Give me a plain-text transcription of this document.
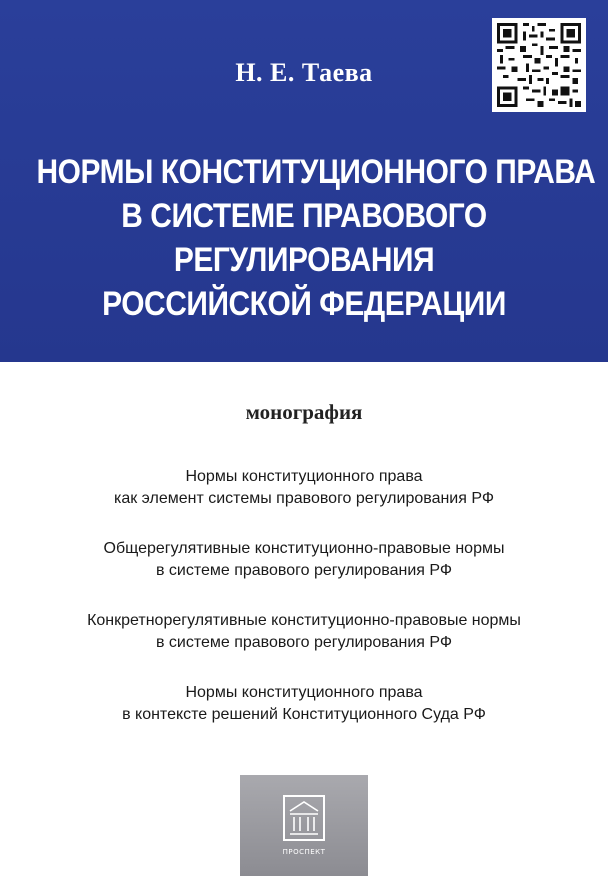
Н. Е. Таева
НОРМЫ КОНСТИТУЦИОННОГО ПРАВА
В СИСТЕМЕ ПРАВОВОГО
РЕГУЛИРОВАНИЯ
РОССИЙСКОЙ ФЕДЕРАЦИИ
монография
Нормы конституционного права
как элемент системы правового регулирования РФ
Общерегулятивные конституционно-правовые нормы
в системе правового регулирования РФ
Конкретнорегулятивные конституционно-правовые нормы
в системе правового регулирования РФ
Нормы конституционного права
в контексте решений Конституционного Суда РФ
ПРОСПЕКТ
